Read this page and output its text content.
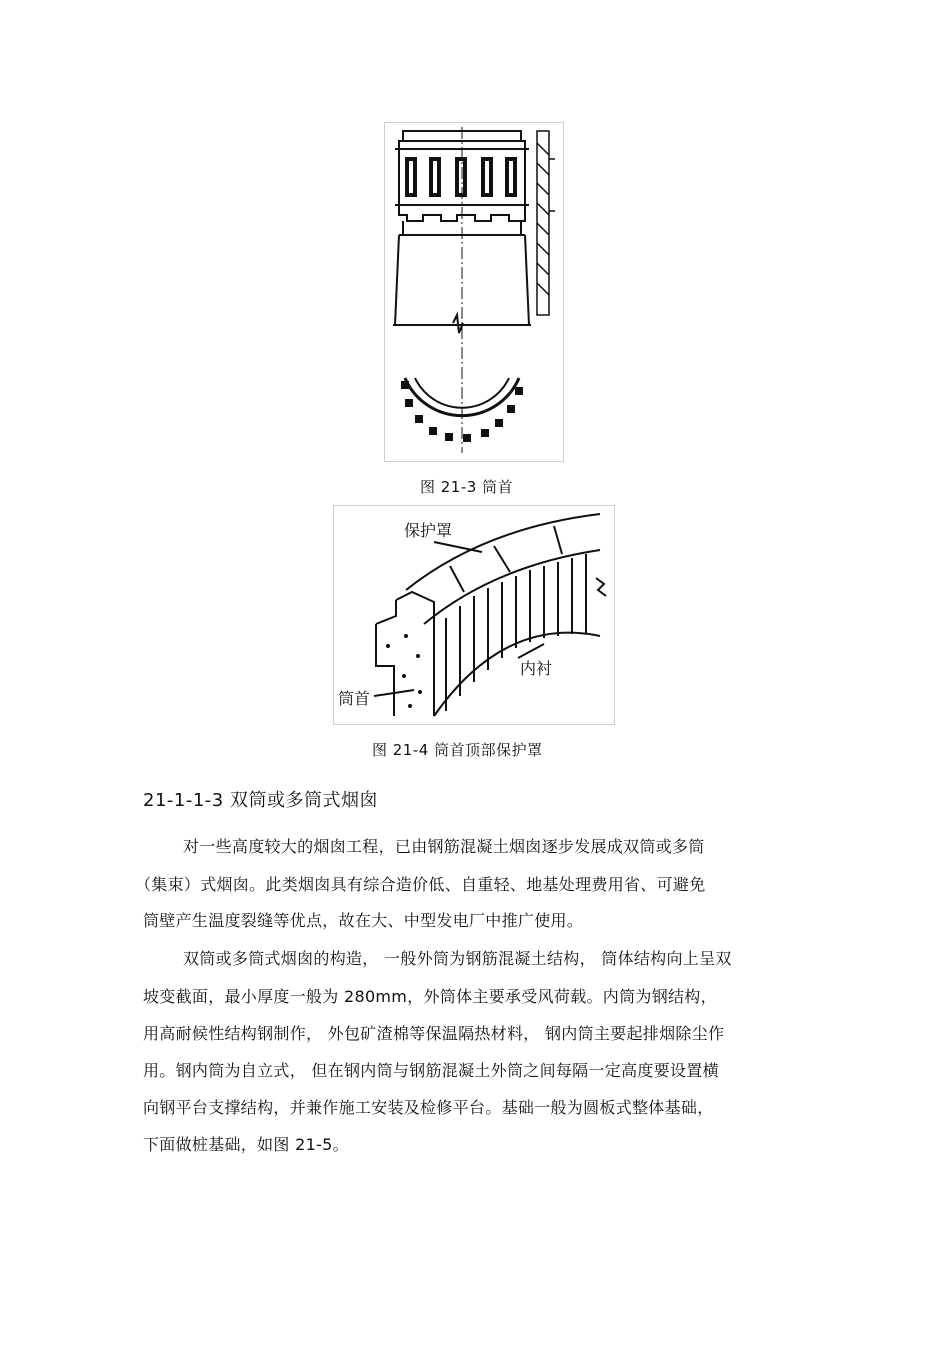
图 21-3 筒首
保护罩
内衬
筒首
图 21-4 筒首顶部保护罩
21-1-1-3 双筒或多筒式烟囱
对一些高度较大的烟囱工程，已由钢筋混凝土烟囱逐步发展成双筒或多筒
（集束）式烟囱。此类烟囱具有综合造价低、自重轻、地基处理费用省、可避免
筒壁产生温度裂缝等优点，故在大、中型发电厂中推广使用。
双筒或多筒式烟囱的构造， 一般外筒为钢筋混凝土结构， 筒体结构向上呈双
坡变截面，最小厚度一般为 280mm，外筒体主要承受风荷载。内筒为钢结构，
用高耐候性结构钢制作， 外包矿渣棉等保温隔热材料， 钢内筒主要起排烟除尘作
用。钢内筒为自立式， 但在钢内筒与钢筋混凝土外筒之间每隔一定高度要设置横
向钢平台支撑结构，并兼作施工安装及检修平台。基础一般为圆板式整体基础，
下面做桩基础，如图 21-5。
